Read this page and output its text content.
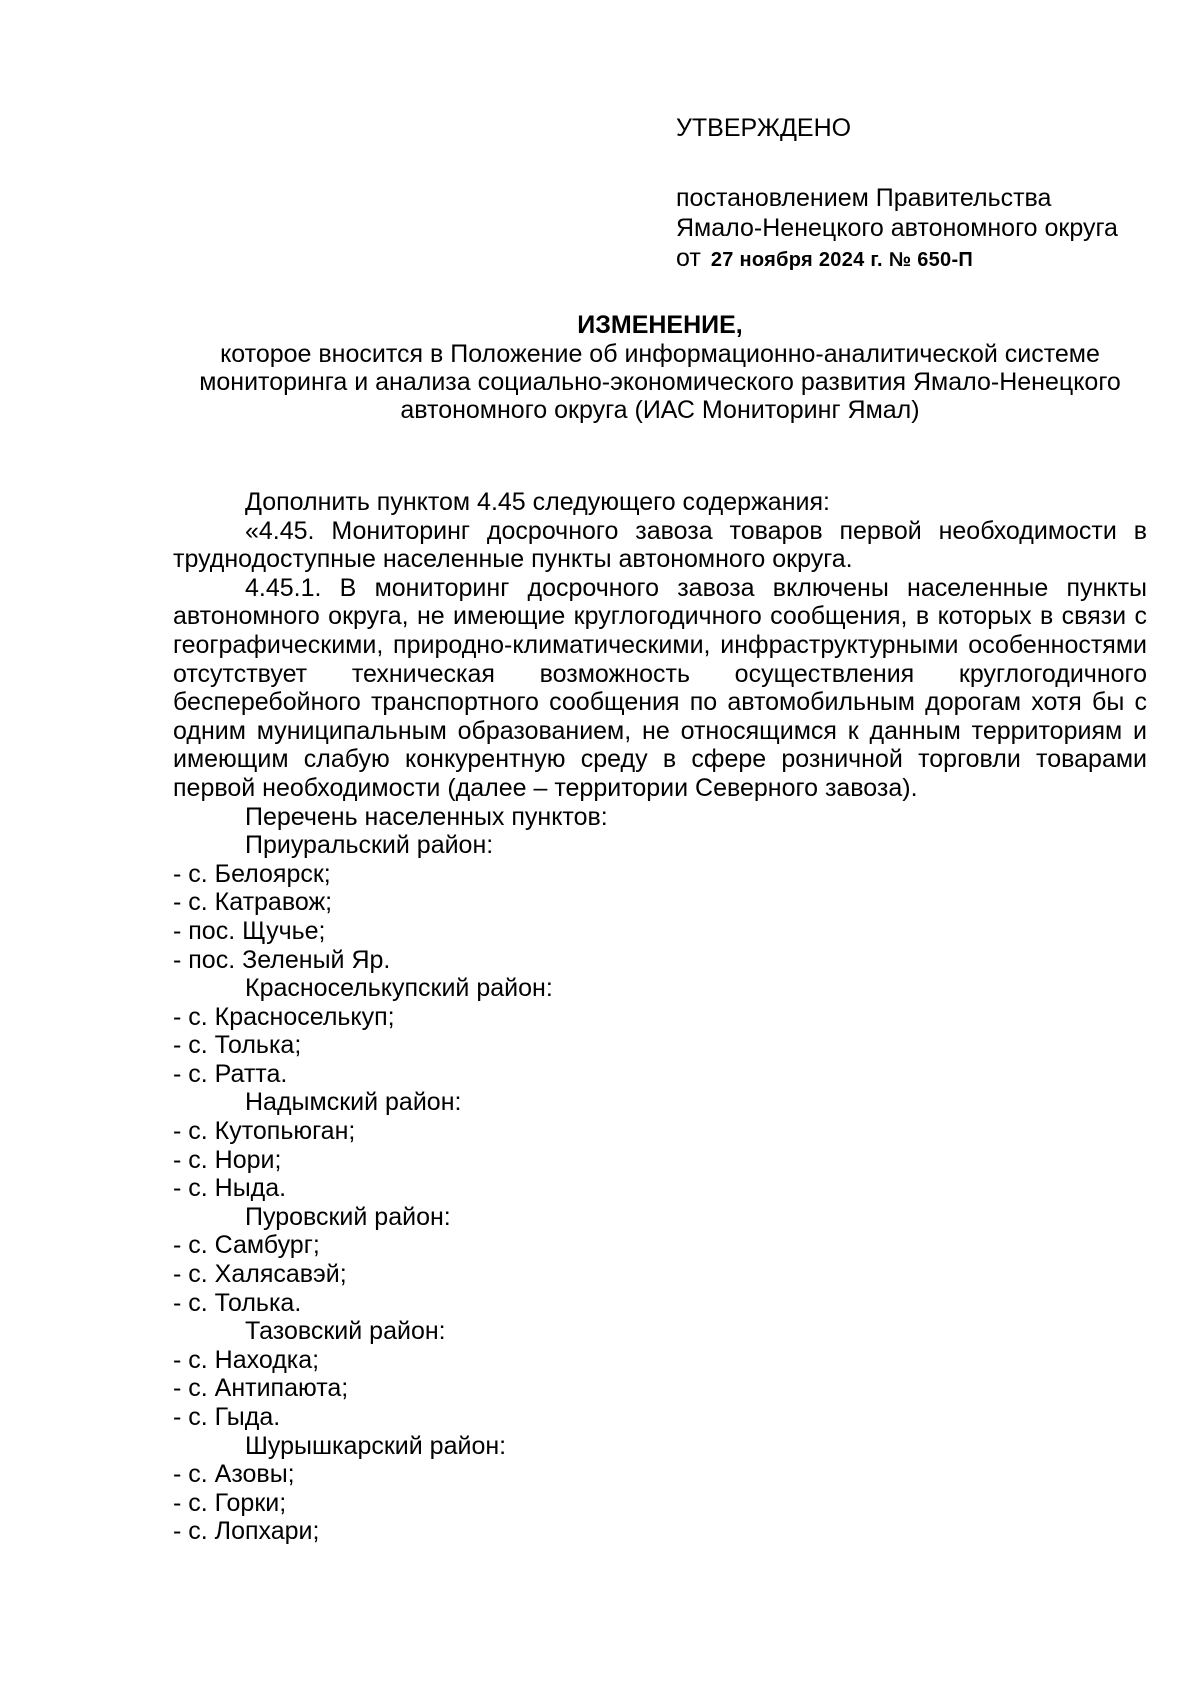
УТВЕРЖДЕНО
постановлением Правительства
Ямало-Ненецкого автономного округа
от 27 ноября 2024 г. № 650-П
ИЗМЕНЕНИЕ,
которое вносится в Положение об информационно-аналитической системе
мониторинга и анализа социально-экономического развития Ямало-Ненецкого
автономного округа (ИАС Мониторинг Ямал)
Дополнить пунктом 4.45 следующего содержания:

«4.45. Мониторинг досрочного завоза товаров первой необходимости в труднодоступные населенные пункты автономного округа.

4.45.1. В мониторинг досрочного завоза включены населенные пункты автономного округа, не имеющие круглогодичного сообщения, в которых в связи с географическими, природно-климатическими, инфраструктурными особенностями отсутствует техническая возможность осуществления круглогодичного бесперебойного транспортного сообщения по автомобильным дорогам хотя бы с одним муниципальным образованием, не относящимся к данным территориям и имеющим слабую конкурентную среду в сфере розничной торговли товарами первой необходимости (далее – территории Северного завоза).

Перечень населенных пунктов:
Приуральский район:
- с. Белоярск;
- с. Катравож;
- пос. Щучье;
- пос. Зеленый Яр.
Красноселькупский район:
- с. Красноселькуп;
- с. Толька;
- с. Ратта.
Надымский район:
- с. Кутопьюган;
- с. Нори;
- с. Ныда.
Пуровский район:
- с. Самбург;
- с. Халясавэй;
- с. Толька.
Тазовский район:
- с. Находка;
- с. Антипаюта;
- с. Гыда.
Шурышкарский район:
- с. Азовы;
- с. Горки;
- с. Лопхари;
